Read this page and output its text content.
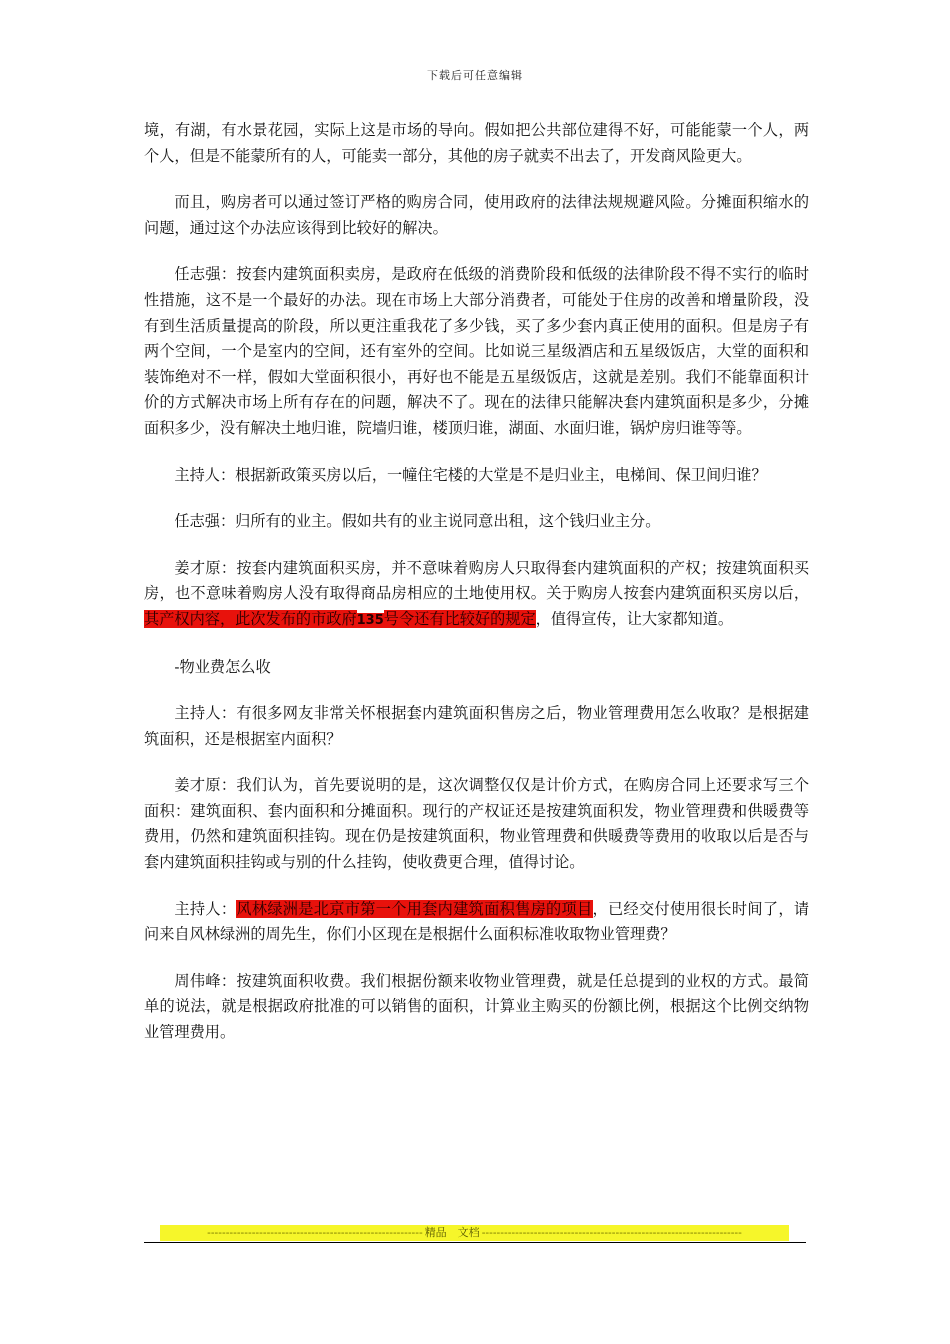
下载后可任意编辑

境，有湖，有水景花园，实际上这是市场的导向。假如把公共部位建得不好，可能能蒙一个人，两个人，但是不能蒙所有的人，可能卖一部分，其他的房子就卖不出去了，开发商风险更大。

而且，购房者可以通过签订严格的购房合同，使用政府的法律法规规避风险。分摊面积缩水的问题，通过这个办法应该得到比较好的解决。

任志强：按套内建筑面积卖房，是政府在低级的消费阶段和低级的法律阶段不得不实行的临时性措施，这不是一个最好的办法。现在市场上大部分消费者，可能处于住房的改善和增量阶段，没有到生活质量提高的阶段，所以更注重我花了多少钱，买了多少套内真正使用的面积。但是房子有两个空间，一个是室内的空间，还有室外的空间。比如说三星级酒店和五星级饭店，大堂的面积和装饰绝对不一样，假如大堂面积很小，再好也不能是五星级饭店，这就是差别。我们不能靠面积计价的方式解决市场上所有存在的问题，解决不了。现在的法律只能解决套内建筑面积是多少，分摊面积多少，没有解决土地归谁，院墙归谁，楼顶归谁，湖面、水面归谁，锅炉房归谁等等。

主持人：根据新政策买房以后，一幢住宅楼的大堂是不是归业主，电梯间、保卫间归谁？

任志强：归所有的业主。假如共有的业主说同意出租，这个钱归业主分。

姜才原：按套内建筑面积买房，并不意味着购房人只取得套内建筑面积的产权；按建筑面积买房，也不意味着购房人没有取得商品房相应的土地使用权。关于购房人按套内建筑面积买房以后，其产权内容，此次发布的市政府135号令还有比较好的规定，值得宣传，让大家都知道。

-物业费怎么收

主持人：有很多网友非常关怀根据套内建筑面积售房之后，物业管理费用怎么收取？是根据建筑面积，还是根据室内面积？

姜才原：我们认为，首先要说明的是，这次调整仅仅是计价方式，在购房合同上还要求写三个面积：建筑面积、套内面积和分摊面积。现行的产权证还是按建筑面积发，物业管理费和供暖费等费用，仍然和建筑面积挂钩。现在仍是按建筑面积，物业管理费和供暖费等费用的收取以后是否与套内建筑面积挂钩或与别的什么挂钩，使收费更合理，值得讨论。

主持人：风林绿洲是北京市第一个用套内建筑面积售房的项目，已经交付使用很长时间了，请问来自风林绿洲的周先生，你们小区现在是根据什么面积标准收取物业管理费？

周伟峰：按建筑面积收费。我们根据份额来收物业管理费，就是任总提到的业权的方式。最简单的说法，就是根据政府批准的可以销售的面积，计算业主购买的份额比例，根据这个比例交纳物业管理费用。

---------------------------------------------------------- 精品　文档 ----------------------------------------------------------------------
